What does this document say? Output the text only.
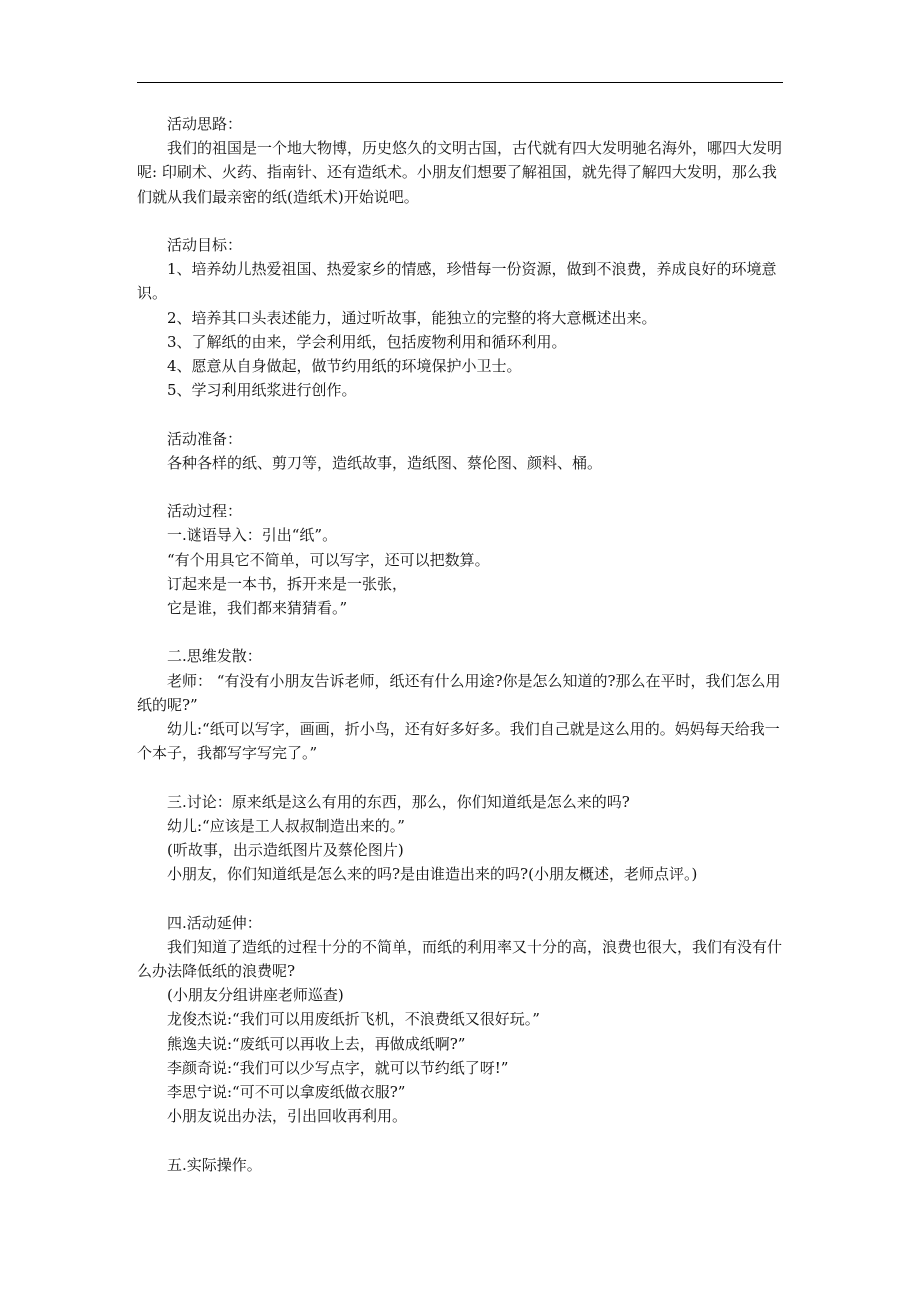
活动思路：

我们的祖国是一个地大物博，历史悠久的文明古国，古代就有四大发明驰名海外，哪四大发明呢: 印刷术、火药、指南针、还有造纸术。小朋友们想要了解祖国，就先得了解四大发明，那么我们就从我们最亲密的纸(造纸术)开始说吧。

活动目标：

1、培养幼儿热爱祖国、热爱家乡的情感，珍惜每一份资源，做到不浪费，养成良好的环境意识。

2、培养其口头表述能力，通过听故事，能独立的完整的将大意概述出来。

3、了解纸的由来，学会利用纸，包括废物利用和循环利用。

4、愿意从自身做起，做节约用纸的环境保护小卫士。

5、学习利用纸浆进行创作。

活动准备：

各种各样的纸、剪刀等，造纸故事，造纸图、蔡伦图、颜料、桶。

活动过程：

一.谜语导入：引出“纸”。

“有个用具它不简单，可以写字，还可以把数算。

订起来是一本书，拆开来是一张张，

它是谁，我们都来猜猜看。”

二.思维发散：

老师： “有没有小朋友告诉老师，纸还有什么用途?你是怎么知道的?那么在平时，我们怎么用纸的呢?”

幼儿:“纸可以写字，画画，折小鸟，还有好多好多。我们自己就是这么用的。妈妈每天给我一个本子，我都写字写完了。”

三.讨论：原来纸是这么有用的东西，那么，你们知道纸是怎么来的吗?

幼儿:“应该是工人叔叔制造出来的。”

(听故事，出示造纸图片及蔡伦图片)

小朋友，你们知道纸是怎么来的吗?是由谁造出来的吗?(小朋友概述，老师点评。)

四.活动延伸：

我们知道了造纸的过程十分的不简单，而纸的利用率又十分的高，浪费也很大，我们有没有什么办法降低纸的浪费呢?

(小朋友分组讲座老师巡查)

龙俊杰说:“我们可以用废纸折飞机，不浪费纸又很好玩。”

熊逸夫说:“废纸可以再收上去，再做成纸啊?”

李颜奇说:“我们可以少写点字，就可以节约纸了呀!”

李思宁说:“可不可以拿废纸做衣服?”

小朋友说出办法，引出回收再利用。

五.实际操作。
